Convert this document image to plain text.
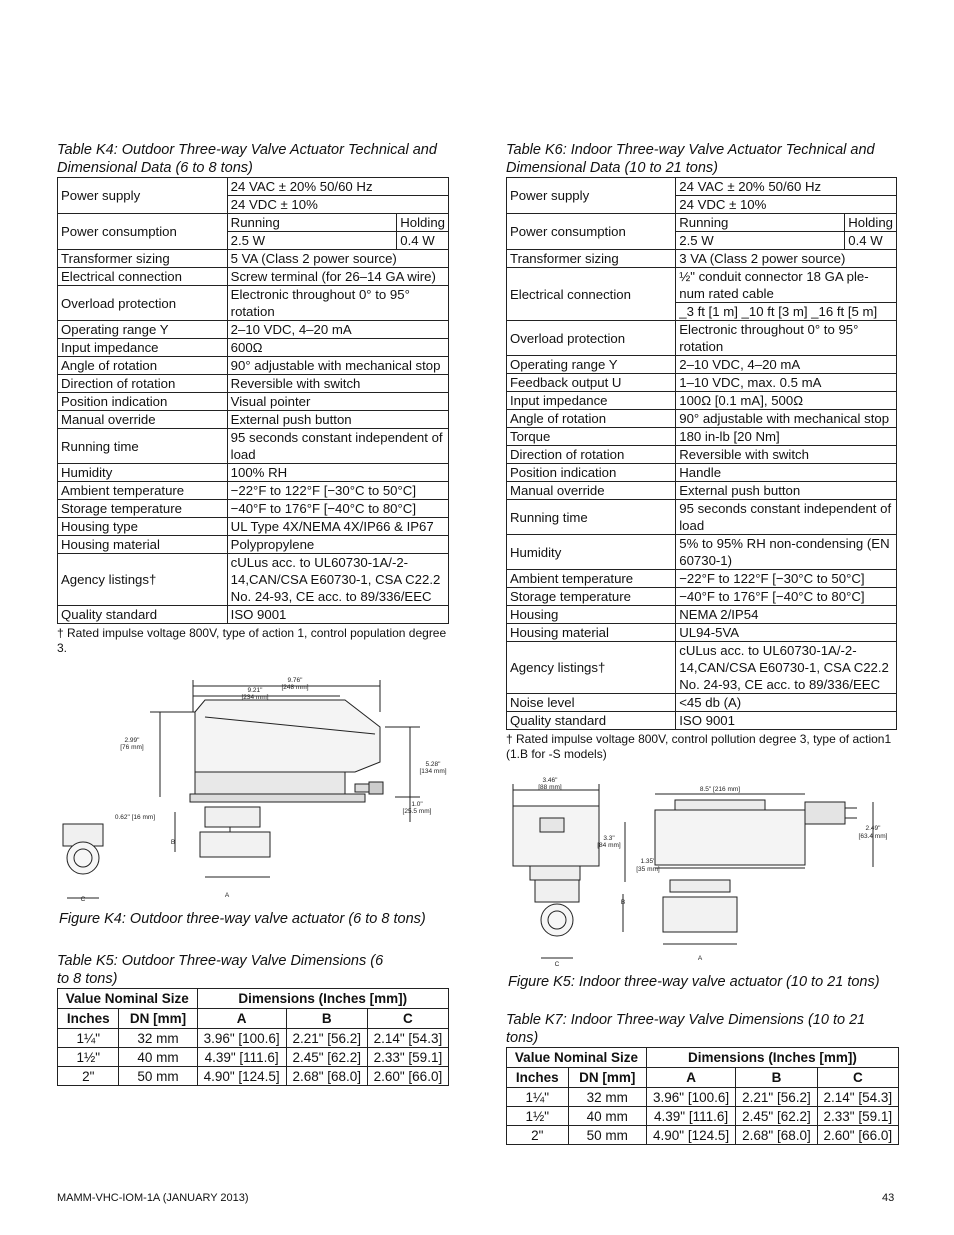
Table K4: Outdoor Three-way Valve Actuator Technical and Dimensional Data (6 to 8 tons)

Power supply	24 VAC ± 20% 50/60 Hz	
	24 VDC ± 10%	
Power consumption	Running	Holding
	2.5 W	0.4 W
Transformer sizing	5 VA (Class 2 power source)	
Electrical connection	Screw terminal (for 26–14 GA wire)	
Overload protection	Electronic throughout 0° to 95° rotation	
Operating range Y	2–10 VDC, 4–20 mA	
Input impedance	600Ω	
Angle of rotation	90° adjustable with mechanical stop	
Direction of rotation	Reversible with switch	
Position indication	Visual pointer	
Manual override	External push button	
Running time	95 seconds constant independent of load	
Humidity	100% RH	
Ambient temperature	−22°F to 122°F [−30°C to 50°C]	
Storage temperature	−40°F to 176°F [−40°C to 80°C]	
Housing type	UL Type 4X/NEMA 4X/IP66 & IP67	
Housing material	Polypropylene	
Agency listings†	cULus acc. to UL60730-1A/-2-14,CAN/CSA E60730-1, CSA C22.2 No. 24-93, CE acc. to 89/336/EEC	
Quality standard	ISO 9001	

† Rated impulse voltage 800V, type of action 1, control population degree 3.

9.76"
[248 mm]
9.21"
[234 mm]
2.99"
[76 mm]
5.28"
[134 mm]
1.0"
[25.5 mm]
0.62" [16 mm]
A
B
C

Figure K4: Outdoor three-way valve actuator (6 to 8 tons)

Table K5: Outdoor Three-way Valve Dimensions (6 to 8 tons)

Value Nominal Size		Dimensions (Inches [mm])		
Inches	DN [mm]	A	B	C
1¼"	32 mm	3.96" [100.6]	2.21" [56.2]	2.14" [54.3]
1½"	40 mm	4.39" [111.6]	2.45" [62.2]	2.33" [59.1]
2"	50 mm	4.90" [124.5]	2.68" [68.0]	2.60" [66.0]

Table K6: Indoor Three-way Valve Actuator Technical and Dimensional Data (10 to 21 tons)

Power supply	24 VAC ± 20% 50/60 Hz	
	24 VDC ± 10%	
Power consumption	Running	Holding
	2.5 W	0.4 W
Transformer sizing	3 VA (Class 2 power source)	
Electrical connection	½" conduit connector 18 GA ple-num rated cable	
	_3 ft [1 m] _10 ft [3 m] _16 ft [5 m]	
Overload protection	Electronic throughout 0° to 95° rotation	
Operating range Y	2–10 VDC, 4–20 mA	
Feedback output U	1–10 VDC, max. 0.5 mA	
Input impedance	100Ω [0.1 mA], 500Ω	
Angle of rotation	90° adjustable with mechanical stop	
Torque	180 in-lb [20 Nm]	
Direction of rotation	Reversible with switch	
Position indication	Handle	
Manual override	External push button	
Running time	95 seconds constant independent of load	
Humidity	5% to 95% RH non-condensing (EN 60730-1)	
Ambient temperature	−22°F to 122°F [−30°C to 50°C]	
Storage temperature	−40°F to 176°F [−40°C to 80°C]	
Housing	NEMA 2/IP54	
Housing material	UL94-5VA	
Agency listings†	cULus acc. to UL60730-1A/-2-14,CAN/CSA E60730-1, CSA C22.2 No. 24-93, CE acc. to 89/336/EEC	
Noise level	<45 db (A)	
Quality standard	ISO 9001	

† Rated impulse voltage 800V, control pollution degree 3, type of action1 (1.B for -S models)

3.46"
[88 mm]	8.5" [216 mm]
3.3"
[84 mm]
2.49"
[63.4 mm]
1.35"
[35 mm]
A
B
C

Figure K5: Indoor three-way valve actuator (10 to 21 tons)

Table K7: Indoor Three-way Valve Dimensions (10 to 21 tons)

Value Nominal Size		Dimensions (Inches [mm])		
Inches	DN [mm]	A	B	C
1¼"	32 mm	3.96" [100.6]	2.21" [56.2]	2.14" [54.3]
1½"	40 mm	4.39" [111.6]	2.45" [62.2]	2.33" [59.1]
2"	50 mm	4.90" [124.5]	2.68" [68.0]	2.60" [66.0]
MAMM-VHC-IOM-1A (JANUARY 2013)	43
